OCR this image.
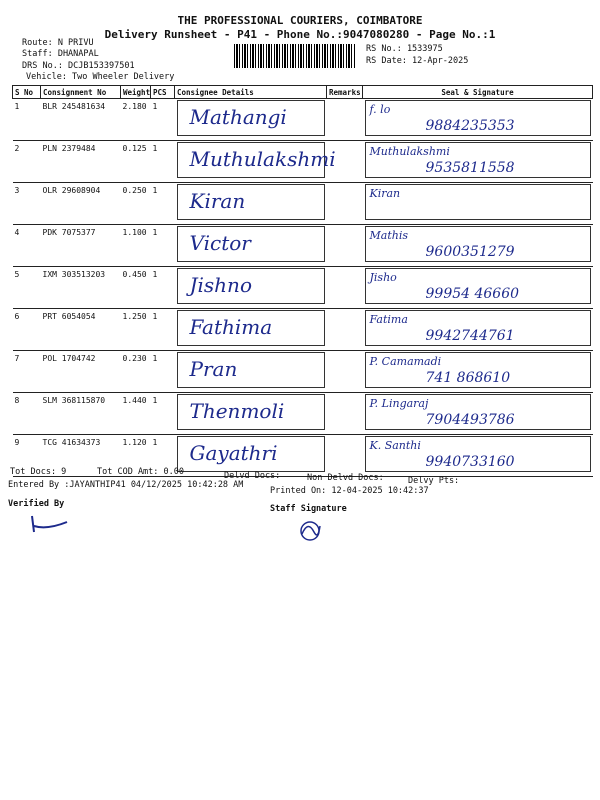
THE PROFESSIONAL COURIERS, COIMBATORE
Delivery Runsheet - P41 - Phone No.:9047080280 - Page No.:1
Route: N PRIVU
Staff: DHANAPAL
DRS No.: DCJB153397501
Vehicle: Two Wheeler Delivery
RS No.: 1533975
RS Date: 12-Apr-2025
S No	Consignment No	Weight	PCS	Consignee Details	Remarks	Seal & Signature
1	BLR 245481634	2.180	1	Mathangi		f. lo
9884235353

2	PLN 2379484	0.125	1	Muthulakshmi		Muthulakshmi
9535811558

3	OLR 29608904	0.250	1	Kiran		Kiran

4	PDK 7075377	1.100	1	Victor		Mathis
9600351279

5	IXM 303513203	0.450	1	Jishno		Jisho
99954 46660

6	PRT 6054054	1.250	1	Fathima		Fatima
9942744761

7	POL 1704742	0.230	1	Pran		P. Camamadi
741 868610

8	SLM 368115870	1.440	1	Thenmoli		P. Lingaraj
7904493786

9	TCG 41634373	1.120	1	Gayathri		K. Santhi
9940733160
Tot Docs: 9	Tot COD Amt: 0.00	Delvd Docs:	Non Delvd Docs:	Delvy Pts:
Entered By :JAYANTHIP41 04/12/2025 10:42:28 AM
Printed On: 12-04-2025 10:42:37
Verified By	Staff Signature
